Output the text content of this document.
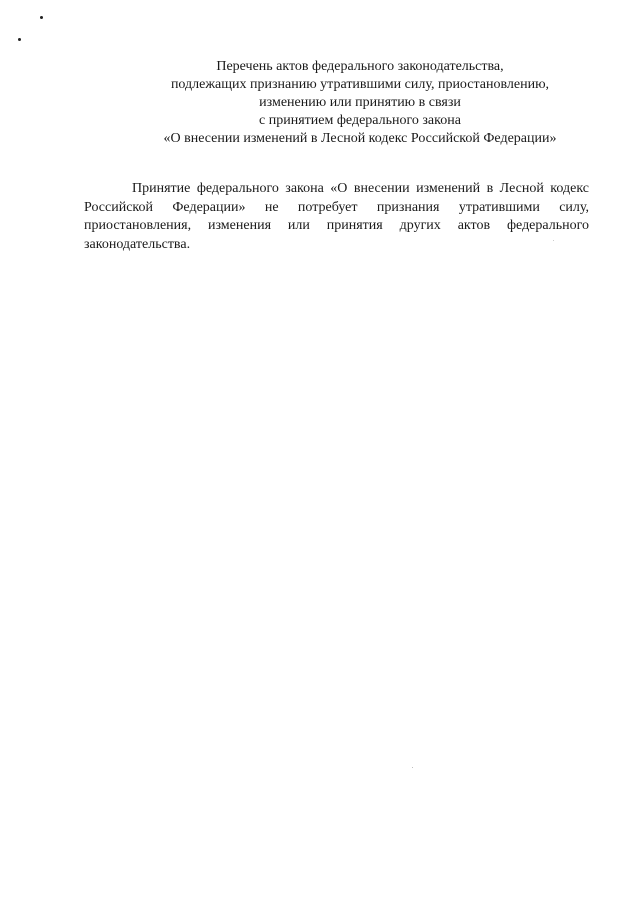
Перечень актов федерального законодательства,
подлежащих признанию утратившими силу, приостановлению,
изменению или принятию в связи
с принятием федерального закона
«О внесении изменений в Лесной кодекс Российской Федерации»

Принятие федерального закона «О внесении изменений в Лесной кодекс Российской Федерации» не потребует признания утратившими силу, приостановления, изменения или принятия других актов федерального законодательства.
